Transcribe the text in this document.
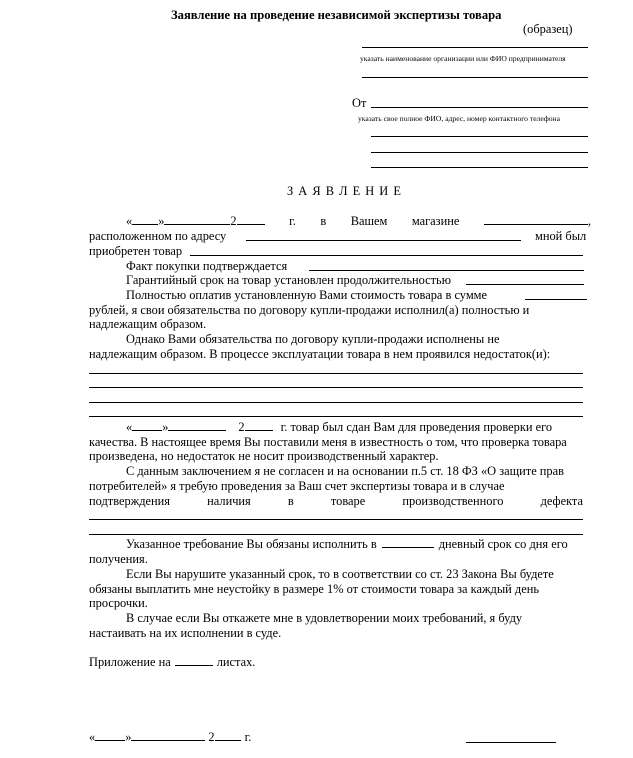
Заявление на проведение независимой экспертизы товара
(образец)
указать наименование организации или ФИО предпринимателя
От
указать свое полное ФИО, адрес, номер контактного телефона
З А Я В Л Е Н И Е
« »	2	г. в Вашем магазине	,
расположенном по адресу	мной был
приобретен товар
Факт покупки подтверждается
Гарантийный срок на товар установлен продолжительностью
Полностью оплатив установленную Вами стоимость товара в сумме
рублей, я свои обязательства по договору купли-продажи исполнил(а) полностью и
надлежащим образом.
Однако Вами обязательства по договору купли-продажи исполнены не
надлежащим образом. В процессе эксплуатации товара в нем проявился недостаток(и):
« »	2	г. товар был сдан Вам для проведения проверки его
качества. В настоящее время Вы поставили меня в известность о том, что проверка товара
произведена, но недостаток не носит производственный характер.
С данным заключением я не согласен и на основании п.5 ст. 18 ФЗ «О защите прав
потребителей» я требую проведения за Ваш счет экспертизы товара и в случае
подтверждения	наличия	в	товаре	производственного	дефекта
Указанное требование Вы обязаны исполнить в	дневный срок со дня его
получения.
Если Вы нарушите указанный срок, то в соответствии со ст. 23 Закона Вы будете
обязаны выплатить мне неустойку в размере 1% от стоимости товара за каждый день
просрочки.
В случае если Вы откажете мне в удовлетворении моих требований, я буду
настаивать на их исполнении в суде.
Приложение на	листах.
« »	2 г.
